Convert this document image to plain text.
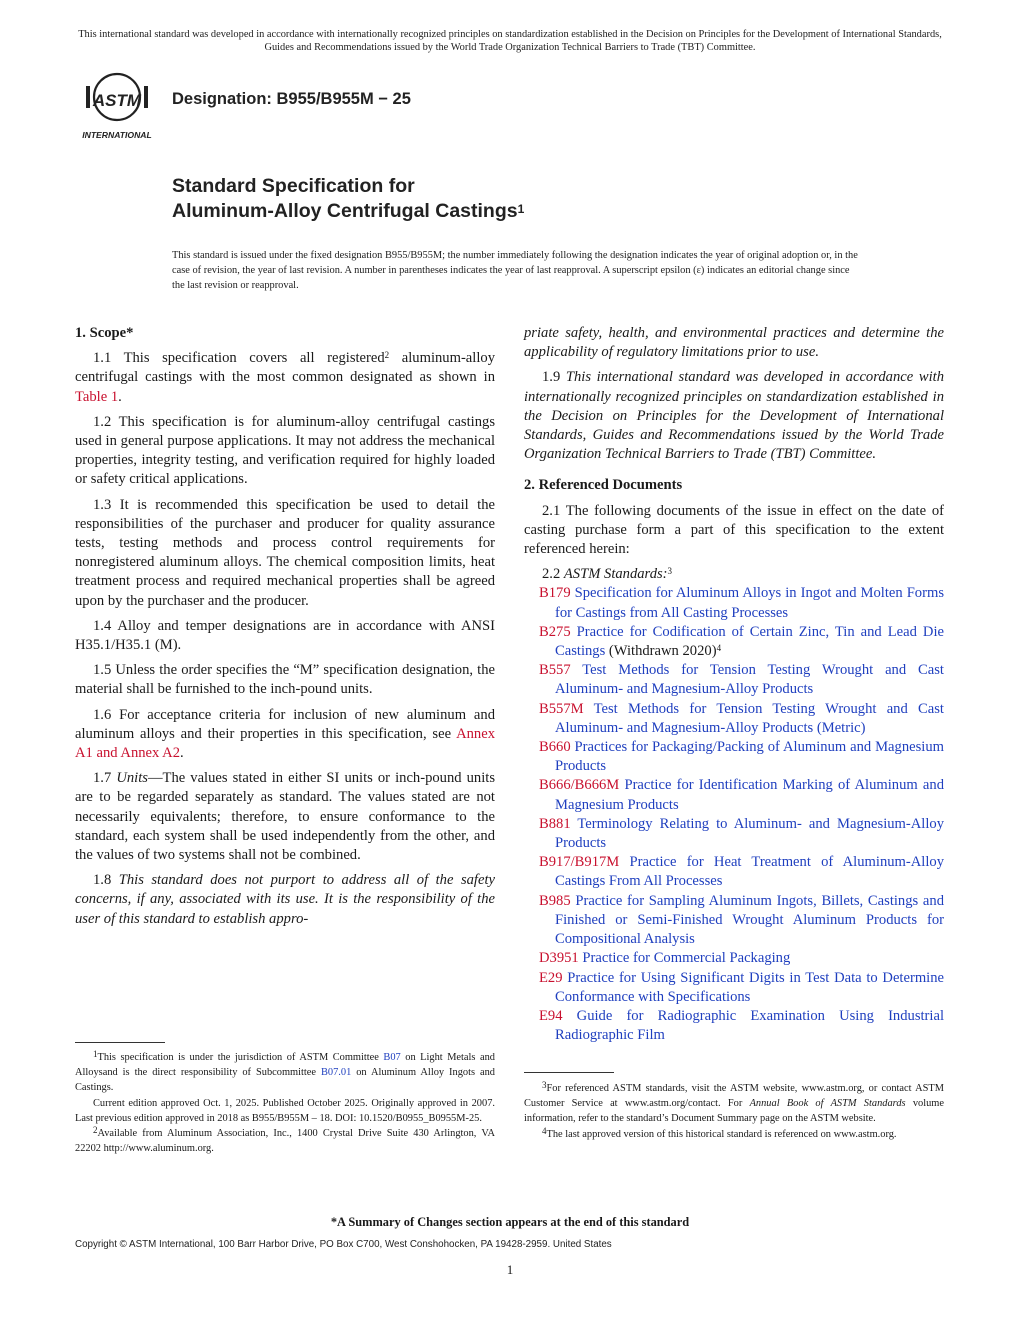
This international standard was developed in accordance with internationally recognized principles on standardization established in the Decision on Principles for the Development of International Standards, Guides and Recommendations issued by the World Trade Organization Technical Barriers to Trade (TBT) Committee.
ASTM
INTERNATIONAL
Designation: B955/B955M − 25
Standard Specification for
Aluminum-Alloy Centrifugal Castings$^1$
This standard is issued under the fixed designation B955/B955M; the number immediately following the designation indicates the year of original adoption or, in the case of revision, the year of last revision. A number in parentheses indicates the year of last reapproval. A superscript epsilon (ε) indicates an editorial change since the last revision or reapproval.
1. Scope*

1.1 This specification covers all registered$^2$ aluminum-alloy centrifugal castings with the most common designated as shown in Table 1.

1.2 This specification is for aluminum-alloy centrifugal castings used in general purpose applications. It may not address the mechanical properties, integrity testing, and verification required for highly loaded or safety critical applications.

1.3 It is recommended this specification be used to detail the responsibilities of the purchaser and producer for quality assurance tests, testing methods and process control requirements for nonregistered aluminum alloys. The chemical composition limits, heat treatment process and required mechanical properties shall be agreed upon by the purchaser and the producer.

1.4 Alloy and temper designations are in accordance with ANSI H35.1/H35.1 (M).

1.5 Unless the order specifies the “M” specification designation, the material shall be furnished to the inch-pound units.

1.6 For acceptance criteria for inclusion of new aluminum and aluminum alloys and their properties in this specification, see Annex A1 and Annex A2.

1.7 Units—The values stated in either SI units or inch-pound units are to be regarded separately as standard. The values stated are not necessarily equivalents; therefore, to ensure conformance to the standard, each system shall be used independently from the other, and the values of two systems shall not be combined.

1.8 This standard does not purport to address all of the safety concerns, if any, associated with its use. It is the responsibility of the user of this standard to establish appro-

priate safety, health, and environmental practices and determine the applicability of regulatory limitations prior to use.

1.9 This international standard was developed in accordance with internationally recognized principles on standardization established in the Decision on Principles for the Development of International Standards, Guides and Recommendations issued by the World Trade Organization Technical Barriers to Trade (TBT) Committee.

2. Referenced Documents

2.1 The following documents of the issue in effect on the date of casting purchase form a part of this specification to the extent referenced herein:

2.2 ASTM Standards:$^3$

B179 Specification for Aluminum Alloys in Ingot and Molten Forms for Castings from All Casting Processes
B275 Practice for Codification of Certain Zinc, Tin and Lead Die Castings (Withdrawn 2020)$^4$
B557 Test Methods for Tension Testing Wrought and Cast Aluminum- and Magnesium-Alloy Products
B557M Test Methods for Tension Testing Wrought and Cast Aluminum- and Magnesium-Alloy Products (Metric)
B660 Practices for Packaging/Packing of Aluminum and Magnesium Products
B666/B666M Practice for Identification Marking of Aluminum and Magnesium Products
B881 Terminology Relating to Aluminum- and Magnesium-Alloy Products
B917/B917M Practice for Heat Treatment of Aluminum-Alloy Castings From All Processes
B985 Practice for Sampling Aluminum Ingots, Billets, Castings and Finished or Semi-Finished Wrought Aluminum Products for Compositional Analysis
D3951 Practice for Commercial Packaging
E29 Practice for Using Significant Digits in Test Data to Determine Conformance with Specifications
E94 Guide for Radiographic Examination Using Industrial Radiographic Film

$^1$This specification is under the jurisdiction of ASTM Committee B07 on Light Metals and Alloysand is the direct responsibility of Subcommittee B07.01 on Aluminum Alloy Ingots and Castings.

Current edition approved Oct. 1, 2025. Published October 2025. Originally approved in 2007. Last previous edition approved in 2018 as B955/B955M – 18. DOI: 10.1520/B0955_B0955M-25.

$^2$Available from Aluminum Association, Inc., 1400 Crystal Drive Suite 430 Arlington, VA 22202 http://www.aluminum.org.

$^3$For referenced ASTM standards, visit the ASTM website, www.astm.org, or contact ASTM Customer Service at www.astm.org/contact. For Annual Book of ASTM Standards volume information, refer to the standard’s Document Summary page on the ASTM website.

$^4$The last approved version of this historical standard is referenced on www.astm.org.

*A Summary of Changes section appears at the end of this standard
Copyright © ASTM International, 100 Barr Harbor Drive, PO Box C700, West Conshohocken, PA 19428-2959. United States
1
